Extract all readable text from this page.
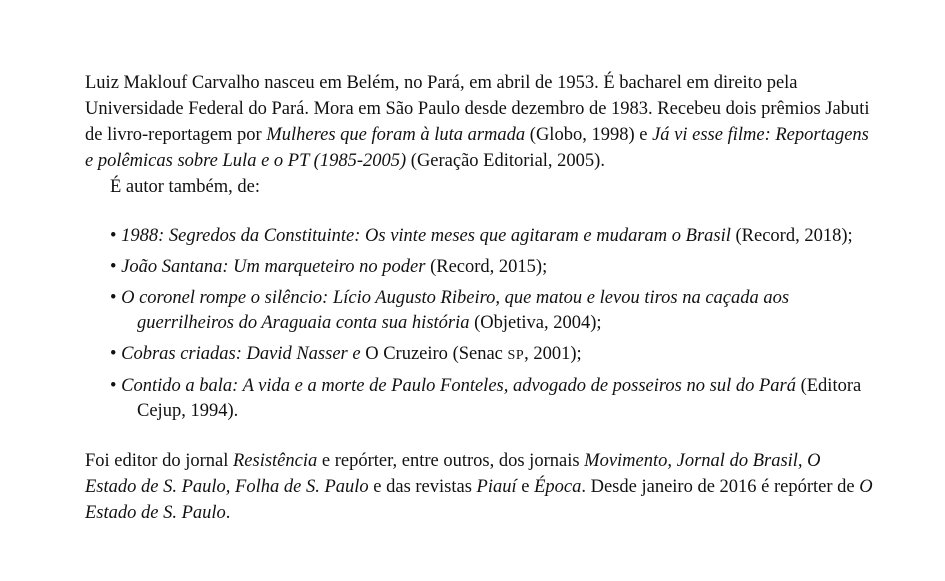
Luiz Maklouf Carvalho nasceu em Belém, no Pará, em abril de 1953. É bacharel em direito pela Universidade Federal do Pará. Mora em São Paulo desde dezembro de 1983. Recebeu dois prêmios Jabuti de livro-reportagem por Mulheres que foram à luta armada (Globo, 1998) e Já vi esse filme: Reportagens e polêmicas sobre Lula e o PT (1985-2005) (Geração Editorial, 2005).

É autor também, de:

• 1988: Segredos da Constituinte: Os vinte meses que agitaram e mudaram o Brasil (Record, 2018);
• João Santana: Um marqueteiro no poder (Record, 2015);
• O coronel rompe o silêncio: Lício Augusto Ribeiro, que matou e levou tiros na caçada aos guerrilheiros do Araguaia conta sua história (Objetiva, 2004);
• Cobras criadas: David Nasser e O Cruzeiro (Senac SP, 2001);
• Contido a bala: A vida e a morte de Paulo Fonteles, advogado de posseiros no sul do Pará (Editora Cejup, 1994).

Foi editor do jornal Resistência e repórter, entre outros, dos jornais Movimento, Jornal do Brasil, O Estado de S. Paulo, Folha de S. Paulo e das revistas Piauí e Época. Desde janeiro de 2016 é repórter de O Estado de S. Paulo.
